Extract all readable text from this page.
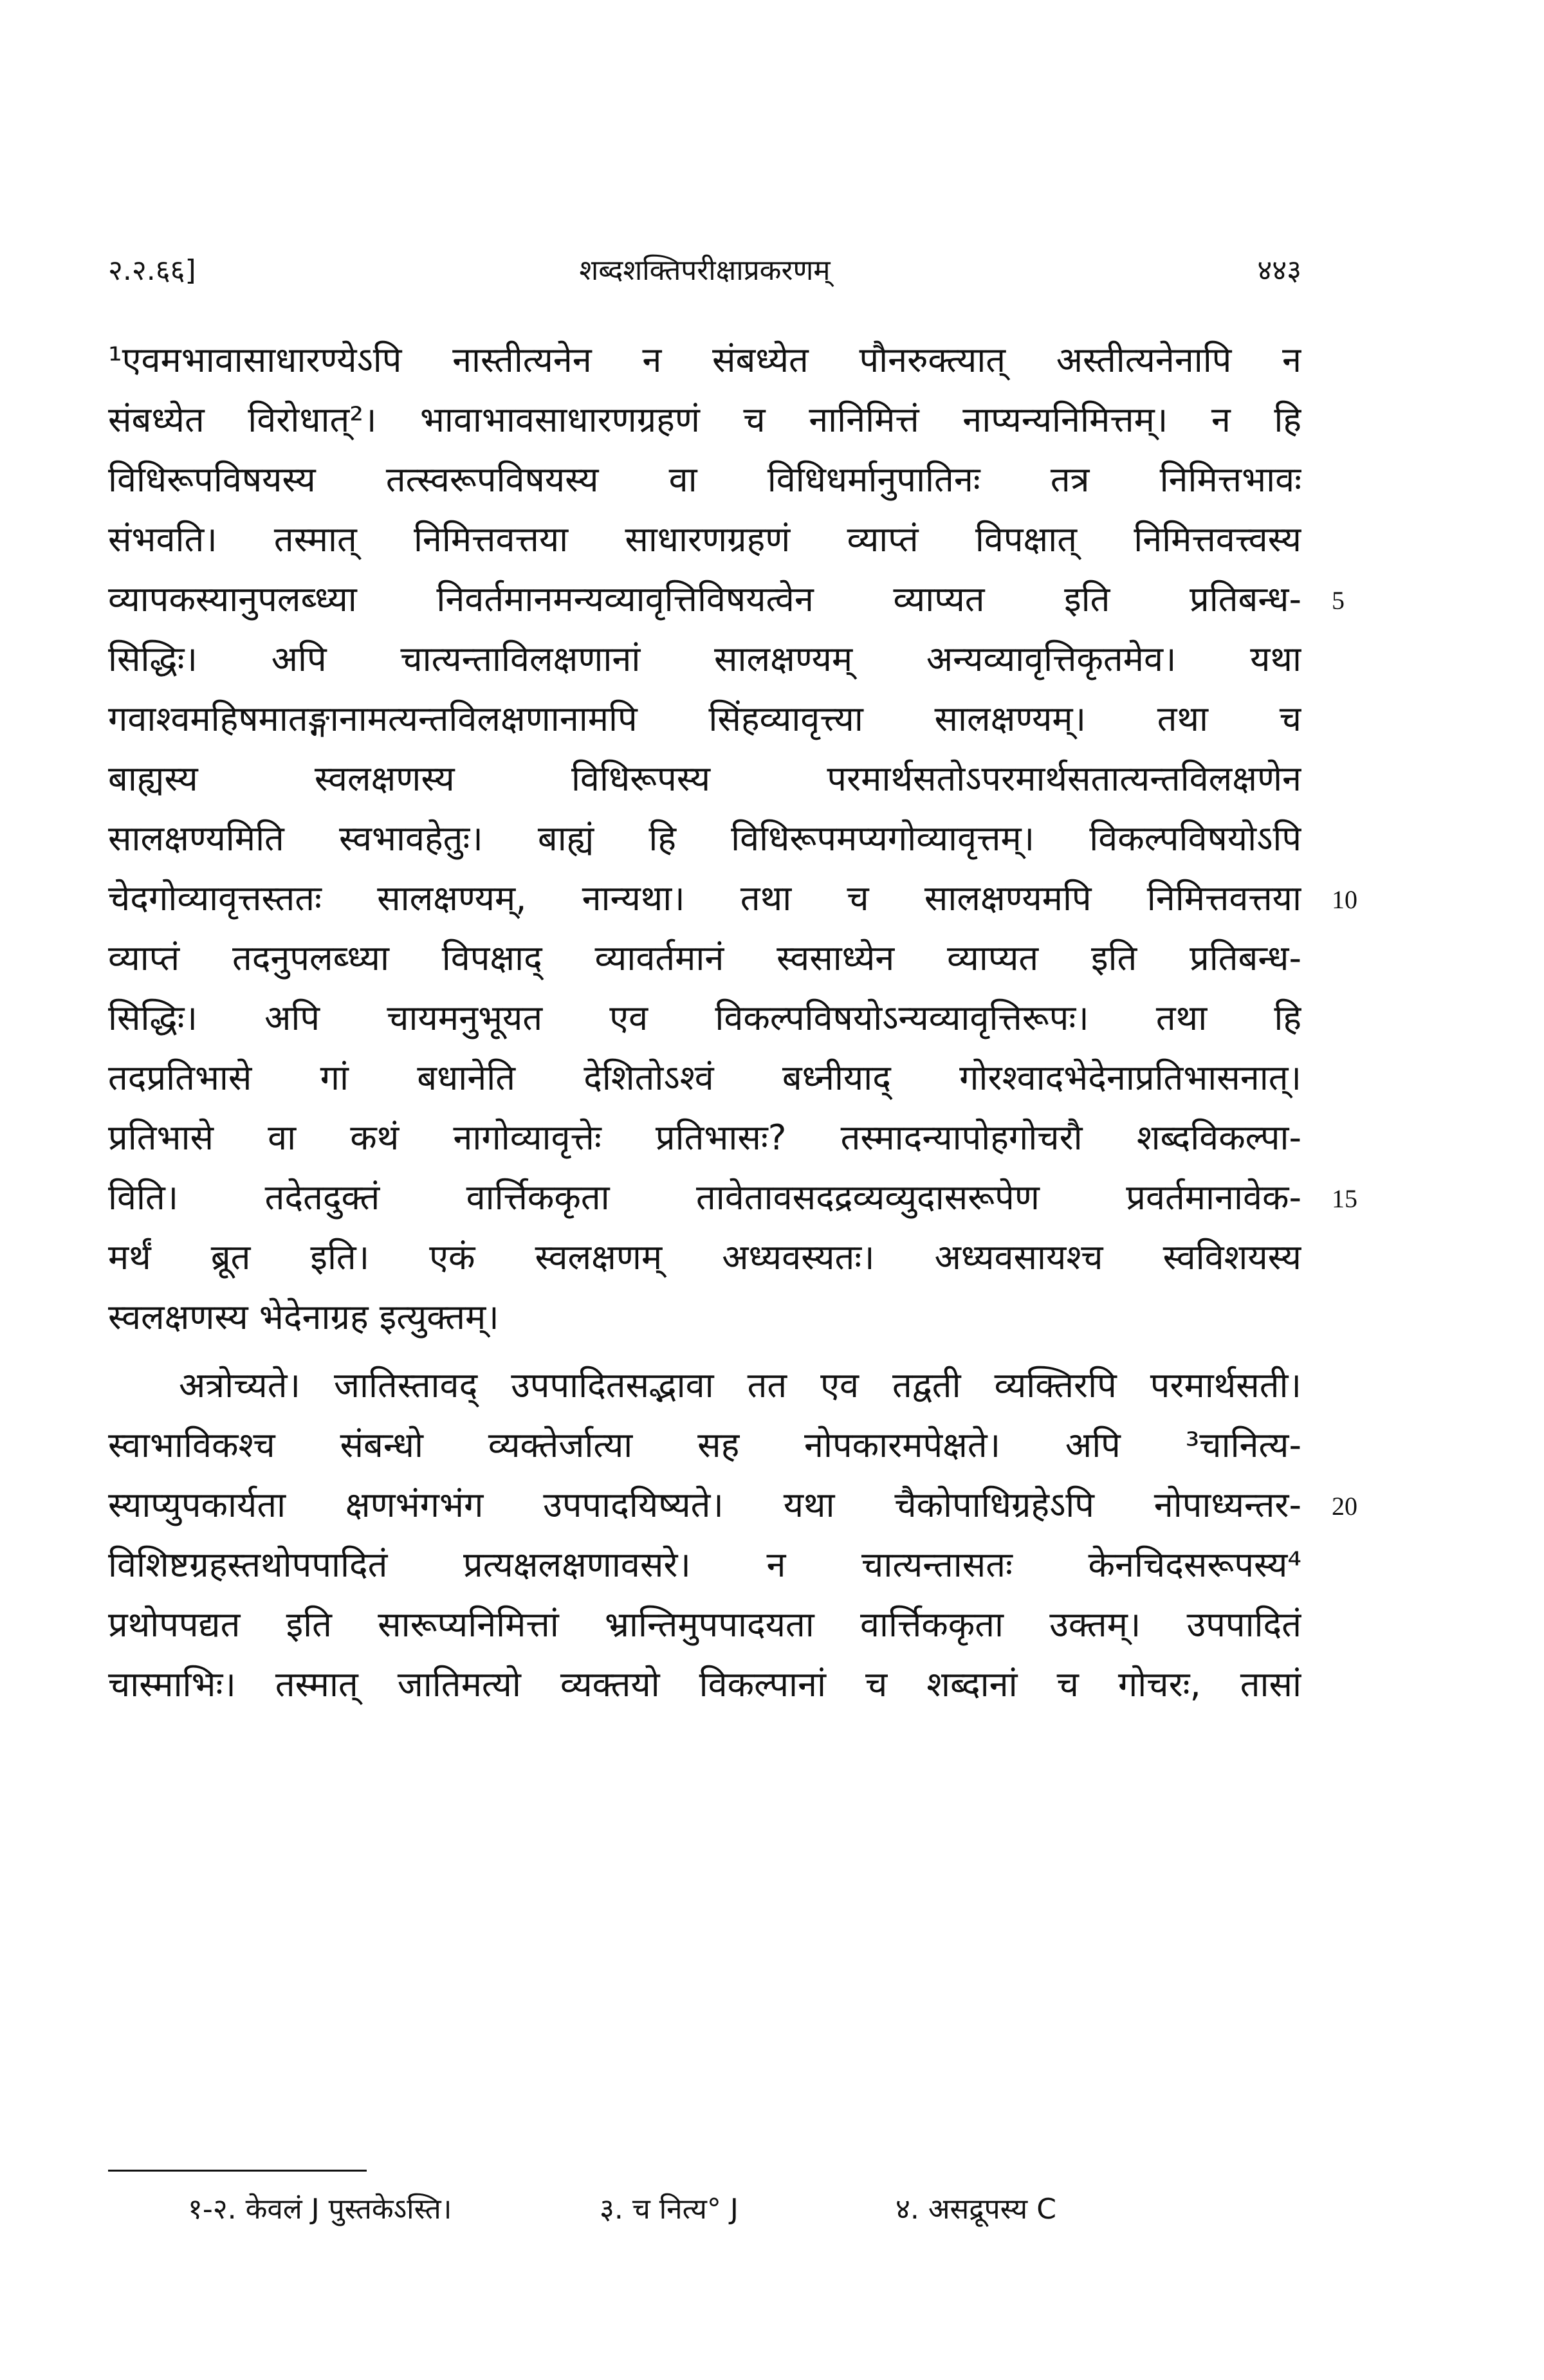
२.२.६६]	शब्दशक्तिपरीक्षाप्रकरणम्	४४३
¹एवमभावासाधारण्येऽपि नास्तीत्यनेन न संबध्येत पौनरुक्त्यात् अस्तीत्यनेनापि न
संबध्येत विरोधात्²। भावाभावसाधारणग्रहणं च नानिमित्तं नाप्यन्यनिमित्तम्। न हि
विधिरूपविषयस्य तत्स्वरूपविषयस्य वा विधिधर्मानुपातिनः तत्र निमित्तभावः
संभवति। तस्मात् निमित्तवत्तया साधारणग्रहणं व्याप्तं विपक्षात् निमित्तवत्त्वस्य
व्यापकस्यानुपलब्ध्या निवर्तमानमन्यव्यावृत्तिविषयत्वेन व्याप्यत इति प्रतिबन्ध-
सिद्धिः। अपि चात्यन्ताविलक्षणानां सालक्षण्यम् अन्यव्यावृत्तिकृतमेव। यथा
गवाश्वमहिषमातङ्गानामत्यन्तविलक्षणानामपि सिंहव्यावृत्त्या सालक्षण्यम्। तथा च
बाह्यस्य स्वलक्षणस्य विधिरूपस्य परमार्थसतोऽपरमार्थसतात्यन्तविलक्षणेन
सालक्षण्यमिति स्वभावहेतुः। बाह्यं हि विधिरूपमप्यगोव्यावृत्तम्। विकल्पविषयोऽपि
चेदगोव्यावृत्तस्ततः सालक्षण्यम्, नान्यथा। तथा च सालक्षण्यमपि निमित्तवत्तया
व्याप्तं तदनुपलब्ध्या विपक्षाद् व्यावर्तमानं स्वसाध्येन व्याप्यत इति प्रतिबन्ध-
सिद्धिः। अपि चायमनुभूयत एव विकल्पविषयोऽन्यव्यावृत्तिरूपः। तथा हि
तदप्रतिभासे गां बधानेति देशितोऽश्वं बध्नीयाद् गोरश्वादभेदेनाप्रतिभासनात्।
प्रतिभासे वा कथं नागोव्यावृत्तेः प्रतिभासः? तस्मादन्यापोहगोचरौ शब्दविकल्पा-
विति। तदेतदुक्तं वार्त्तिककृता तावेतावसदद्रव्यव्युदासरूपेण प्रवर्तमानावेक-
मर्थं ब्रूत इति। एकं स्वलक्षणम् अध्यवस्यतः। अध्यवसायश्च स्वविशयस्य
स्वलक्षणस्य भेदेनाग्रह इत्युक्तम्।
अत्रोच्यते। जातिस्तावद् उपपादितसद्भावा तत एव तद्वती व्यक्तिरपि परमार्थसती।
स्वाभाविकश्च संबन्धो व्यक्तेर्जात्या सह नोपकारमपेक्षते। अपि ³चानित्य-
स्याप्युपकार्यता क्षणभंगभंग उपपादयिष्यते। यथा चैकोपाधिग्रहेऽपि नोपाध्यन्तर-
विशिष्टग्रहस्तथोपपादितं प्रत्यक्षलक्षणावसरे। न चात्यन्तासतः केनचिदसरूपस्य⁴
प्रथोपपद्यत इति सारूप्यनिमित्तां भ्रान्तिमुपपादयता वार्त्तिककृता उक्तम्। उपपादितं
चास्माभिः। तस्मात् जातिमत्यो व्यक्तयो विकल्पानां च शब्दानां च गोचरः, तासां
5
10
15
20
१-२. केवलं J पुस्तकेऽस्ति।	३. च नित्य° J	४. असद्रूपस्य C
